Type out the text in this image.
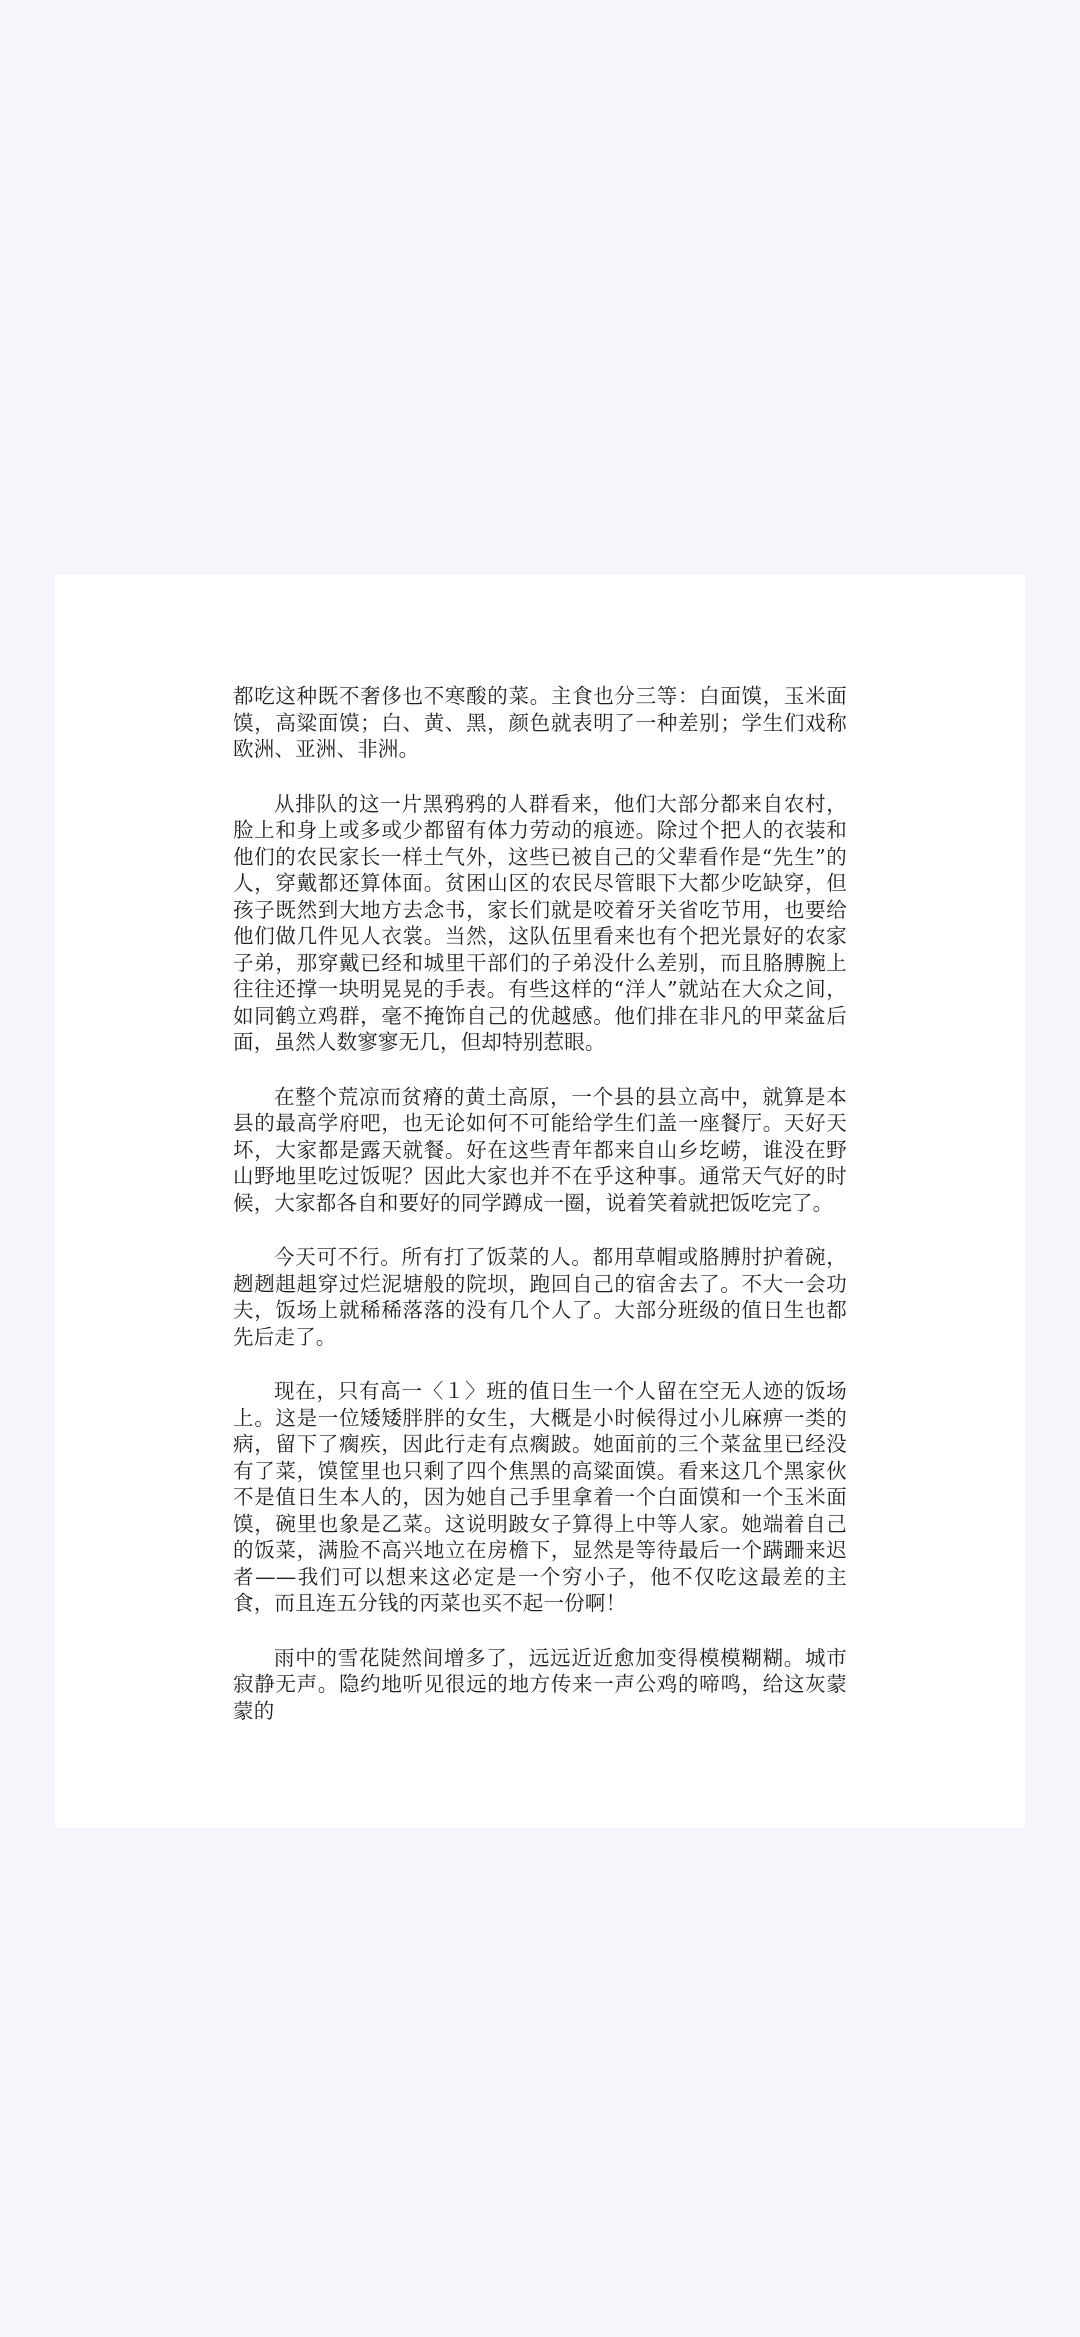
都吃这种既不奢侈也不寒酸的菜。主食也分三等：白面馍，玉米面馍，高粱面馍；白、黄、黑，颜色就表明了一种差别；学生们戏称欧洲、亚洲、非洲。

从排队的这一片黑鸦鸦的人群看来，他们大部分都来自农村，脸上和身上或多或少都留有体力劳动的痕迹。除过个把人的衣装和他们的农民家长一样土气外，这些已被自己的父辈看作是“先生”的人，穿戴都还算体面。贫困山区的农民尽管眼下大都少吃缺穿，但孩子既然到大地方去念书，家长们就是咬着牙关省吃节用，也要给他们做几件见人衣裳。当然，这队伍里看来也有个把光景好的农家子弟，那穿戴已经和城里干部们的子弟没什么差别，而且胳膊腕上往往还撑一块明晃晃的手表。有些这样的“洋人”就站在大众之间，如同鹤立鸡群，毫不掩饰自己的优越感。他们排在非凡的甲菜盆后面，虽然人数寥寥无几，但却特别惹眼。

在整个荒凉而贫瘠的黄土高原，一个县的县立高中，就算是本县的最高学府吧，也无论如何不可能给学生们盖一座餐厅。天好天坏，大家都是露天就餐。好在这些青年都来自山乡圪崂，谁没在野山野地里吃过饭呢？因此大家也并不在乎这种事。通常天气好的时候，大家都各自和要好的同学蹲成一圈，说着笑着就把饭吃完了。

今天可不行。所有打了饭菜的人。都用草帽或胳膊肘护着碗，趔趔趄趄穿过烂泥塘般的院坝，跑回自己的宿舍去了。不大一会功夫，饭场上就稀稀落落的没有几个人了。大部分班级的值日生也都先后走了。

现在，只有高一〈１〉班的值日生一个人留在空无人迹的饭场上。这是一位矮矮胖胖的女生，大概是小时候得过小儿麻痹一类的病，留下了瘸疾，因此行走有点瘸跛。她面前的三个菜盆里已经没有了菜，馍筐里也只剩了四个焦黑的高粱面馍。看来这几个黑家伙不是值日生本人的，因为她自己手里拿着一个白面馍和一个玉米面馍，碗里也象是乙菜。这说明跛女子算得上中等人家。她端着自己的饭菜，满脸不高兴地立在房檐下，显然是等待最后一个蹒跚来迟者——我们可以想来这必定是一个穷小子，他不仅吃这最差的主食，而且连五分钱的丙菜也买不起一份啊！

雨中的雪花陡然间增多了，远远近近愈加变得模模糊糊。城市寂静无声。隐约地听见很远的地方传来一声公鸡的啼鸣，给这灰蒙蒙的
